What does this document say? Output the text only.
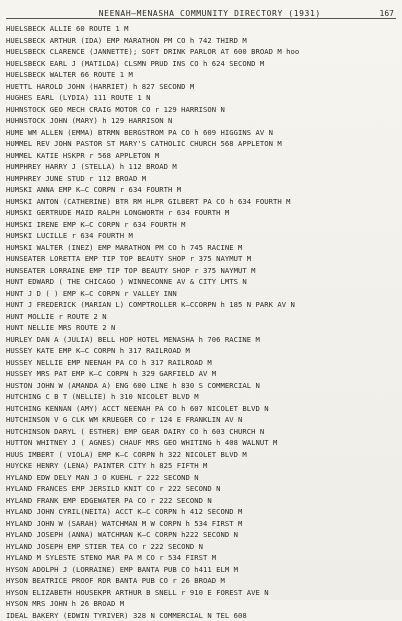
NEENAH—MENASHA COMMUNITY DIRECTORY (1931)	167
HUELSBECK ALLIE 60 ROUTE 1 M
HUELSBECK ARTHUR (IDA) EMP MARATHON PM CO h 742 THIRD M
HUELSBECK CLARENCE (JANNETTE); SOFT DRINK PARLOR AT 600 BROAD M hoo
HUELSBECK EARL J (MATILDA) CLSMN PRUD INS CO h 624 SECOND M
HUELSBECK WALTER 66 ROUTE 1 M
HUETTL HAROLD JOHN (HARRIET) h 827 SECOND M
HUGHES EARL (LYDIA) 111 ROUTE 1 N
HUHNSTOCK GEO MECH CRAIG MOTOR CO r 129 HARRISON N
HUHNSTOCK JOHN (MARY) h 129 HARRISON N
HUME WM ALLEN (EMMA) BTRMN BERGSTROM PA CO h 609 HIGGINS AV N
HUMMEL REV JOHN PASTOR ST MARY'S CATHOLIC CHURCH 568 APPLETON M
HUMMEL KATIE HSKPR r 568 APPLETON M
HUMPHREY HARRY J (STELLA) h 112 BROAD M
HUMPHREY JUNE STUD r 112 BROAD M
HUMSKI ANNA EMP K—C CORPN r 634 FOURTH M
HUMSKI ANTON (CATHERINE) BTR RM HLPR GILBERT PA CO h 634 FOURTH M
HUMSKI GERTRUDE MAID RALPH LONGWORTH r 634 FOURTH M
HUMSKI IRENE EMP K—C CORPN r 634 FOURTH M
HUMSKI LUCILLE r 634 FOURTH M
HUMSKI WALTER (INEZ) EMP MARATHON PM CO h 745 RACINE M
HUNSEATER LORETTA EMP TIP TOP BEAUTY SHOP r 375 NAYMUT M
HUNSEATER LORRAINE EMP TIP TOP BEAUTY SHOP r 375 NAYMUT M
HUNT EDWARD ( THE CHICAGO ) WINNECONNE AV & CITY LMTS N
HUNT J D ( ) EMP K—C CORPN r VALLEY INN
HUNT J FREDERICK (MARIAN L) COMPTROLLER K—CCORPN h 185 N PARK AV N
HUNT MOLLIE r ROUTE 2 N
HUNT NELLIE MRS ROUTE 2 N
HURLEY DAN A (JULIA) BELL HOP HOTEL MENASHA h 706 RACINE M
HUSSEY KATE EMP K—C CORPN h 317 RAILROAD M
HUSSEY NELLIE EMP NEENAH PA CO h 317 RAILROAD M
HUSSEY MRS PAT EMP K—C CORPN h 329 GARFIELD AV M
HUSTON JOHN W (AMANDA A) ENG 600 LINE h 830 S COMMERCIAL N
HUTCHING C B T (NELLIE) h 310 NICOLET BLVD M
HUTCHING KENNAN (AMY) ACCT NEENAH PA CO h 607 NICOLET BLVD N
HUTCHINSON V G CLK WM KRUEGER CO r 124 E FRANKLIN AV N
HUTCHINSON DARYL ( ESTHER) EMP GEAR DAIRY CO h 603 CHURCH N
HUTTON WHITNEY J ( AGNES) CHAUF MRS GEO WHITING h 408 WALNUT M
HUUS IMBERT ( VIOLA) EMP K—C CORPN h 322 NICOLET BLVD M
HUYCKE HENRY (LENA) PAINTER CITY h 825 FIFTH M
HYLAND EDW DELY MAN J O KUEHL r 222 SECOND N
HYLAND FRANCES EMP JERSILD KNIT CO r 222 SECOND N
HYLAND FRANK EMP EDGEWATER PA CO r 222 SECOND N
HYLAND JOHN CYRIL(NEITA) ACCT K—C CORPN h 412 SECOND M
HYLAND JOHN W (SARAH) WATCHMAN M W CORPN h 534 FIRST M
HYLAND JOSEPH (ANNA) WATCHMAN K—C CORPN h222 SECOND N
HYLAND JOSEPH EMP STIER TEA CO r 222 SECOND N
HYLAND M SYLESTE STENO MAR PA M CO r 534 FIRST M
HYSON ADOLPH J (LORRAINE) EMP BANTA PUB CO h411 ELM M
HYSON BEATRICE PROOF RDR BANTA PUB CO r 26 BROAD M
HYSON ELIZABETH HOUSEKPR ARTHUR B SNELL r 910 E FOREST AVE N
HYSON MRS JOHN h 26 BROAD M
IDEAL BAKERY (EDWIN TYRIVER) 328 N COMMERCIAL N TEL 608
